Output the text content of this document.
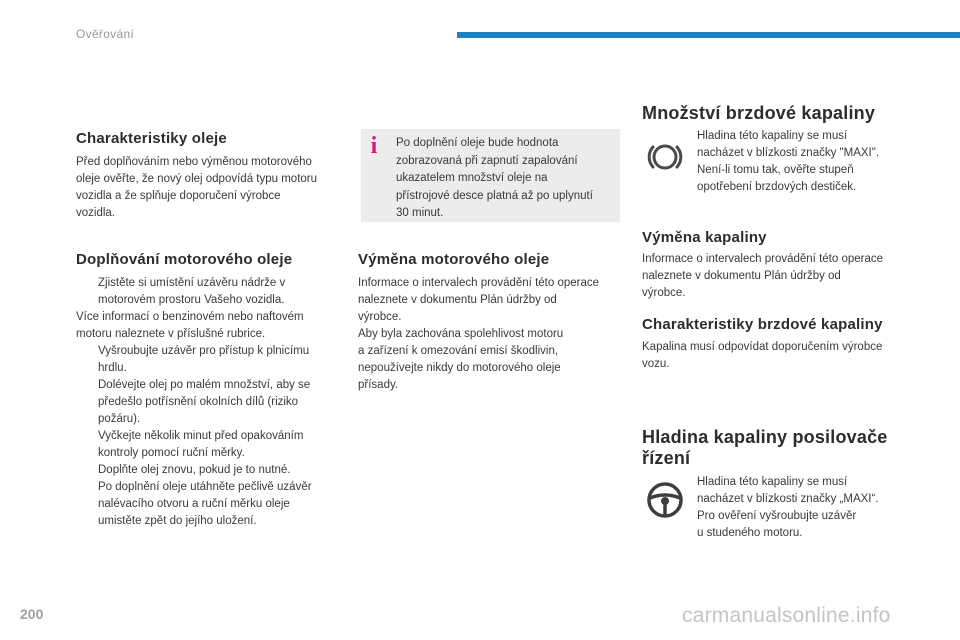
Ověřování
Charakteristiky oleje
Před doplňováním nebo výměnou motorového
oleje ověřte, že nový olej odpovídá typu motoru
vozidla a že splňuje doporučení výrobce
vozidla.
Doplňování motorového oleje
Zjistěte si umístění uzávěru nádrže v
motorovém prostoru Vašeho vozidla.
Více informací o benzinovém nebo naftovém
motoru naleznete v příslušné rubrice.
Vyšroubujte uzávěr pro přístup k plnicímu
hrdlu.
Dolévejte olej po malém množství, aby se
předešlo potřísnění okolních dílů (riziko
požáru).
Vyčkejte několik minut před opakováním
kontroly pomocí ruční měrky.
Doplňte olej znovu, pokud je to nutné.
Po doplnění oleje utáhněte pečlivě uzávěr
nalévacího otvoru a ruční měrku oleje
umistěte zpět do jejího uložení.
i	Po doplnění oleje bude hodnota
zobrazovaná při zapnutí zapalování
ukazatelem množství oleje na
přístrojové desce platná až po uplynutí
30 minut.
Výměna motorového oleje
Informace o intervalech provádění této operace
naleznete v dokumentu Plán údržby od
výrobce.
Aby byla zachována spolehlivost motoru
a zařízení k omezování emisí škodlivin,
nepoužívejte nikdy do motorového oleje
přísady.
Množství brzdové kapaliny
Hladina této kapaliny se musí
nacházet v blízkosti značky "MAXI".
Není-li tomu tak, ověřte stupeň
opotřebení brzdových destiček.
Výměna kapaliny
Informace o intervalech provádění této operace
naleznete v dokumentu Plán údržby od
výrobce.
Charakteristiky brzdové kapaliny
Kapalina musí odpovídat doporučením výrobce
vozu.
Hladina kapaliny posilovače
řízení
Hladina této kapaliny se musí
nacházet v blízkosti značky „MAXI“.
Pro ověření vyšroubujte uzávěr
u studeného motoru.
200	carmanualsonline.info
